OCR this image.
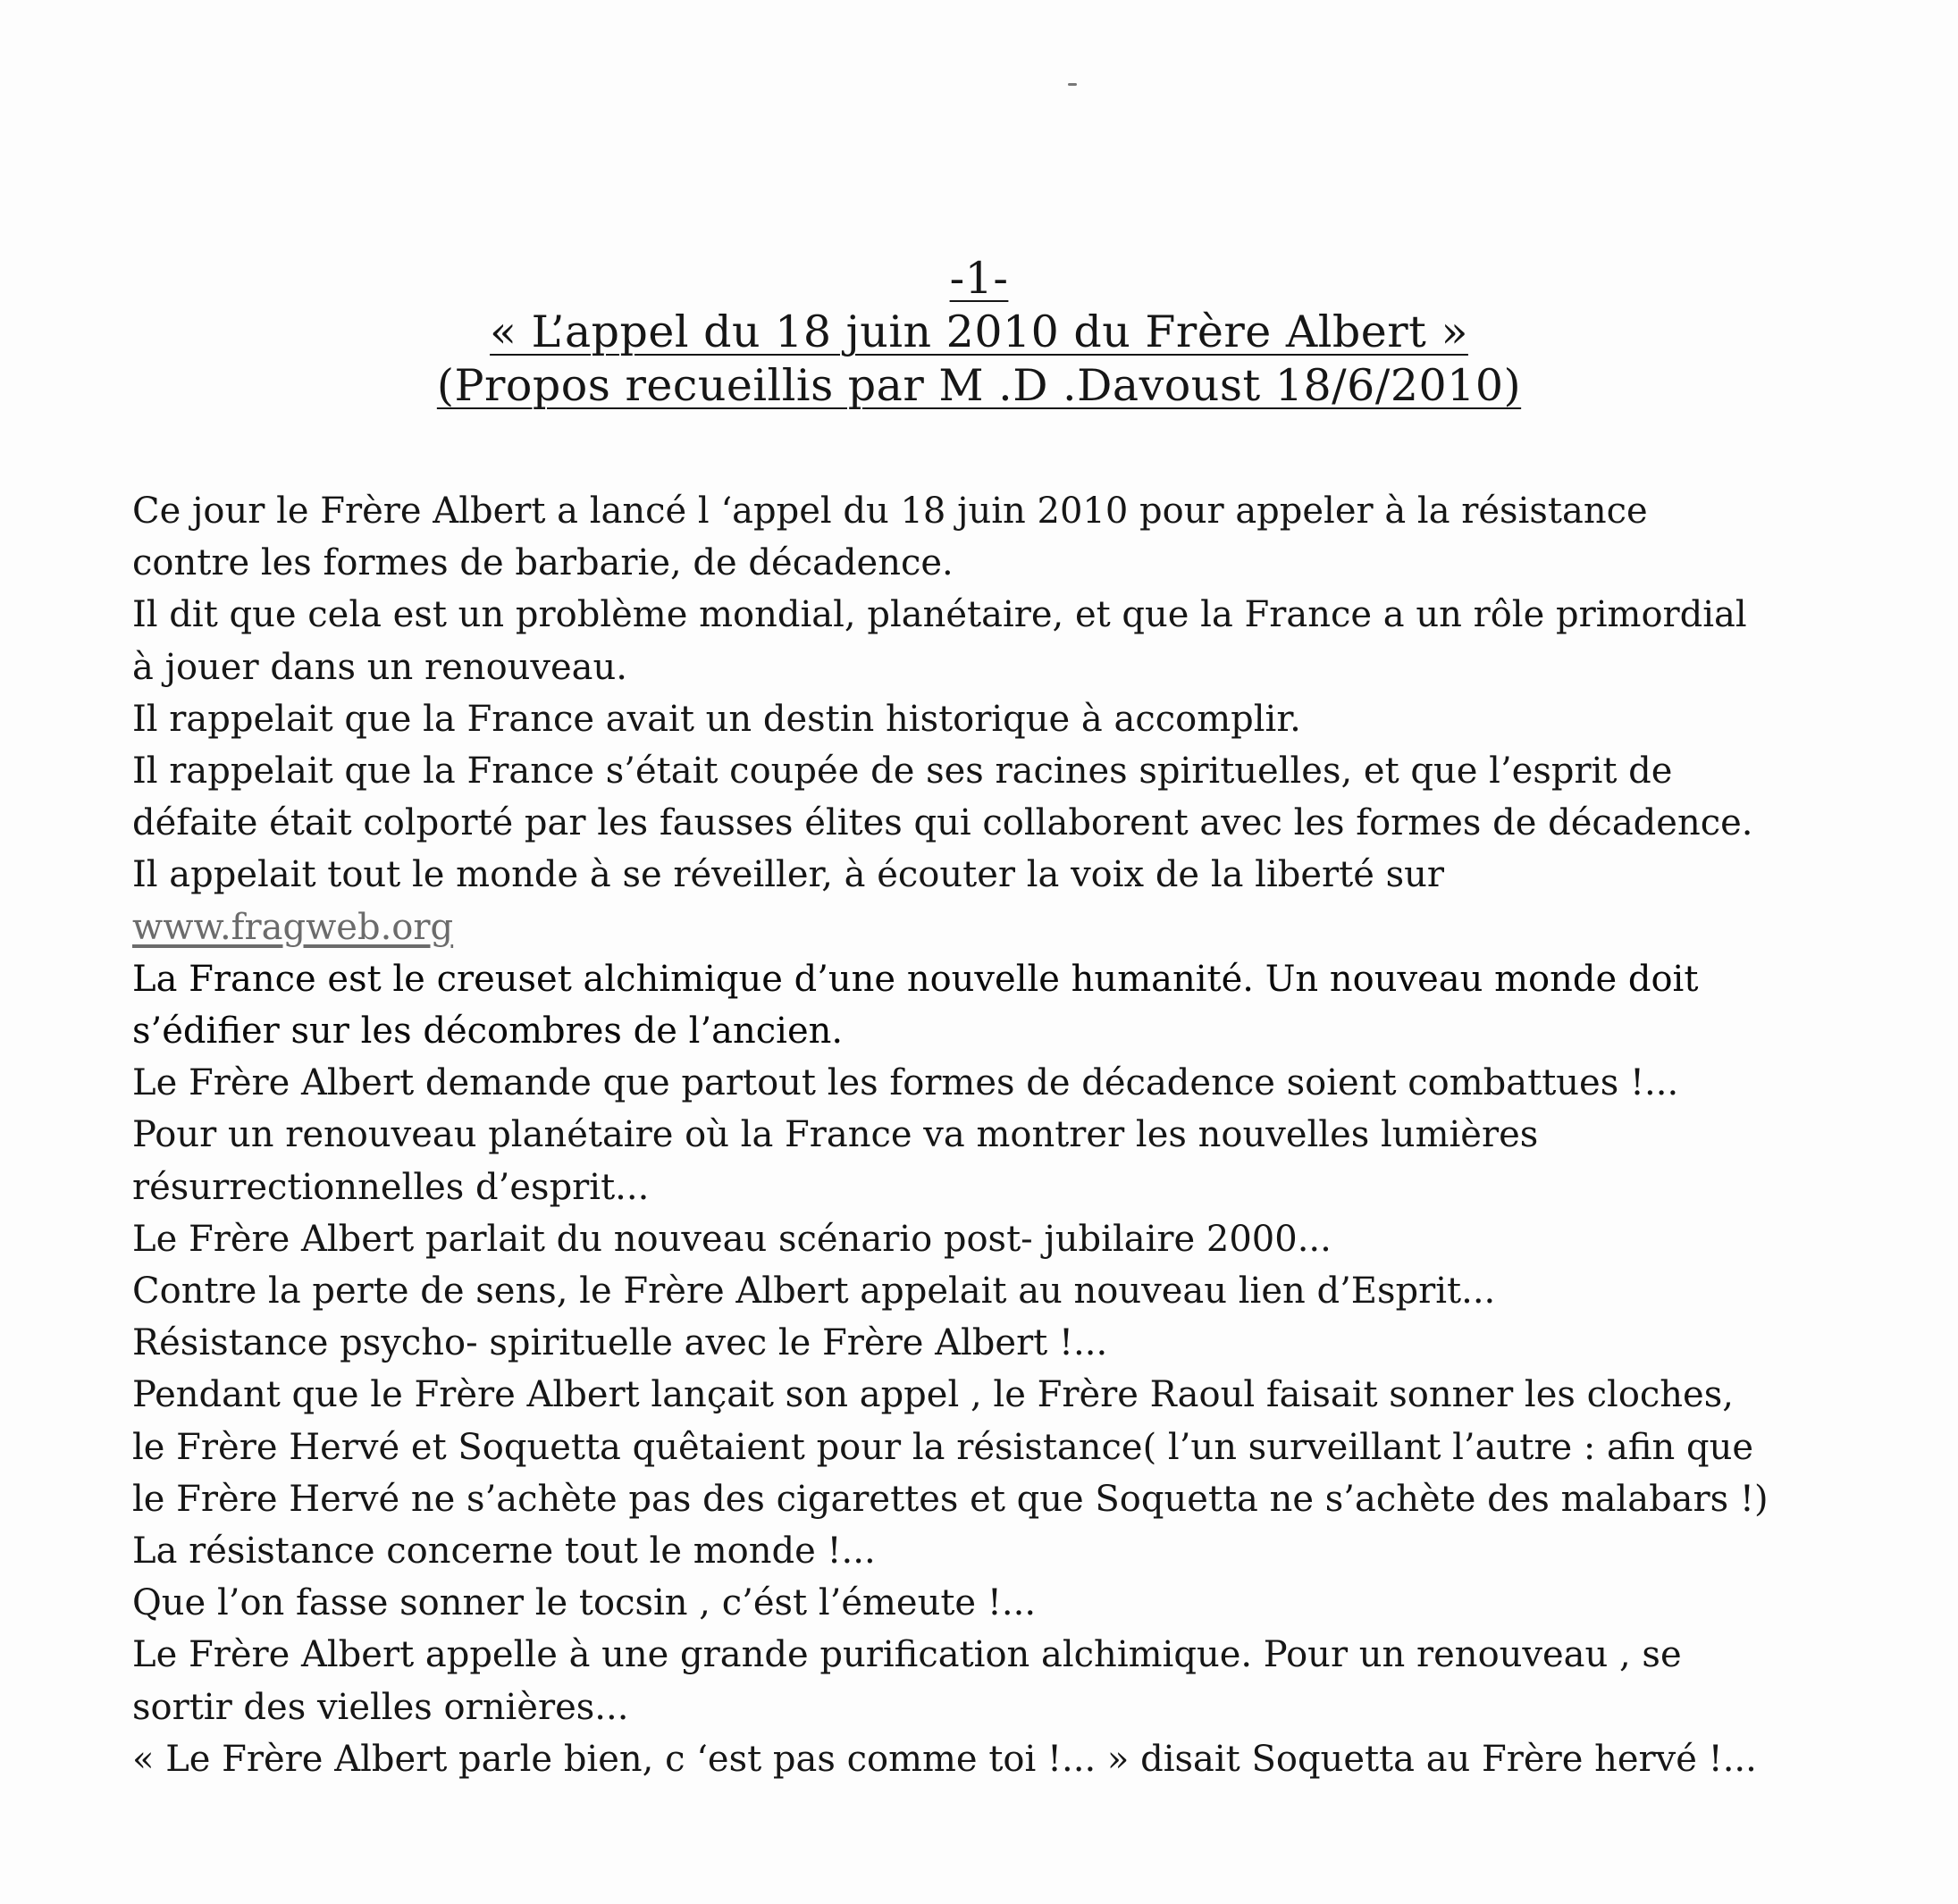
-1-
« L’appel du 18 juin 2010 du Frère Albert »
(Propos recueillis par M .D .Davoust 18/6/2010)
Ce jour le Frère Albert a lancé l ‘appel du 18 juin 2010 pour appeler à la résistance
contre les formes de barbarie, de décadence.
Il dit que cela est un problème mondial, planétaire, et que la France a un rôle primordial
à jouer dans un renouveau.
Il rappelait que la France avait un destin historique à accomplir.
Il rappelait que la France s’était coupée de ses racines spirituelles, et que l’esprit de
défaite était colporté par les fausses élites qui collaborent avec les formes de décadence.
Il appelait tout le monde à se réveiller, à écouter la voix de la liberté sur
www.fragweb.org
La France est le creuset alchimique d’une nouvelle humanité. Un nouveau monde doit
s’édifier sur les décombres de l’ancien.
Le Frère Albert demande que partout les formes de décadence soient combattues !...
Pour un renouveau planétaire où la France va montrer les nouvelles lumières
résurrectionnelles d’esprit...
Le Frère Albert parlait du nouveau scénario post- jubilaire 2000...
Contre la perte de sens, le Frère Albert appelait au nouveau lien d’Esprit...
Résistance psycho- spirituelle avec le Frère Albert !...
Pendant que le Frère Albert lançait son appel , le Frère Raoul faisait sonner les cloches,
le Frère Hervé et Soquetta quêtaient pour la résistance( l’un surveillant l’autre : afin que
le Frère Hervé ne s’achète pas des cigarettes et que Soquetta ne s’achète des malabars !)
La résistance concerne tout le monde !...
Que l’on fasse sonner le tocsin , c’ést l’émeute !...
Le Frère Albert appelle à une grande purification alchimique. Pour un renouveau , se
sortir des vielles ornières...
« Le Frère Albert parle bien, c ‘est pas comme toi !... » disait Soquetta au Frère hervé !...
